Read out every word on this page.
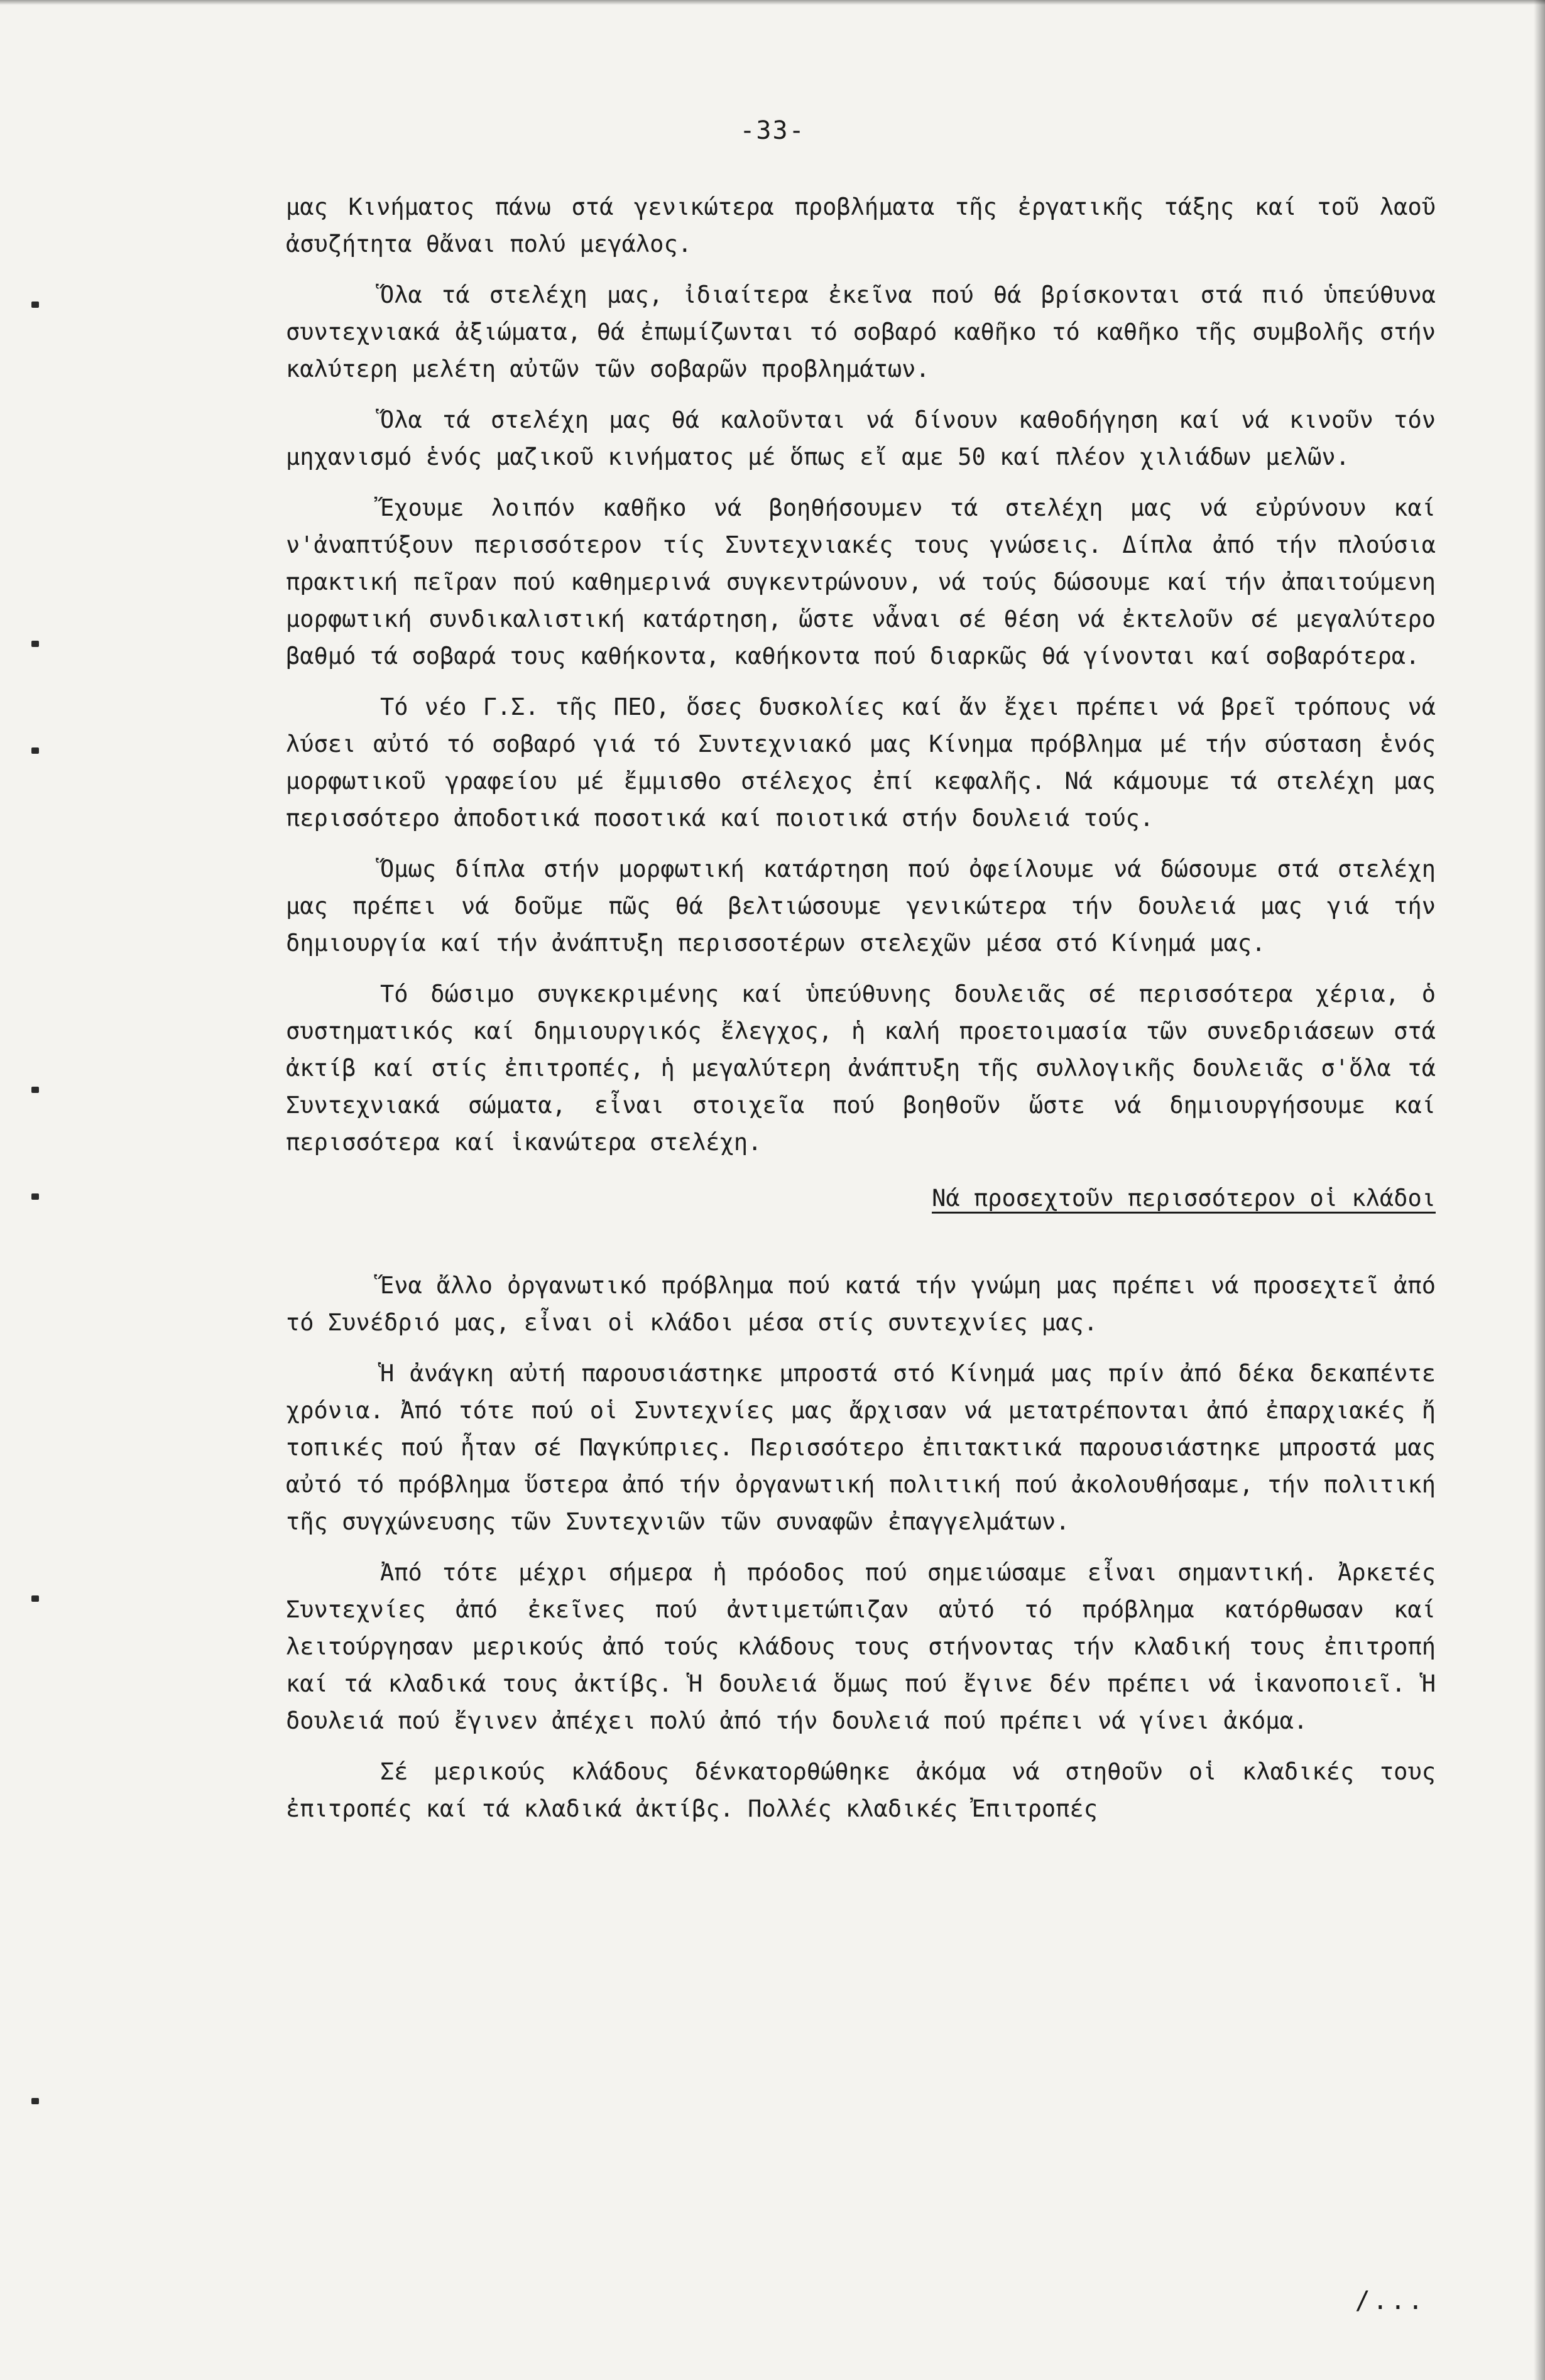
-33-

μας Κινήματος πάνω στά γενικώτερα προβλήματα τῆς ἐργατικῆς τάξης καί τοῦ λαοῦ ἀσυζήτητα θἄναι πολύ μεγάλος.

Ὅλα τά στελέχη μας, ἰδιαίτερα ἐκεῖνα πού θά βρίσκονται στά πιό ὑπεύθυνα συντεχνιακά ἀξιώματα, θά ἐπωμίζωνται τό σοβαρό καθῆκο τό καθῆκο τῆς συμβολῆς στήν καλύτερη μελέτη αὐτῶν τῶν σοβαρῶν προβλημάτων.

Ὅλα τά στελέχη μας θά καλοῦνται νά δίνουν καθοδήγηση καί νά κινοῦν τόν μηχανισμό ἑνός μαζικοῦ κινήματος μέ ὅπως εἴ αμε 50 καί πλέον χιλιάδων μελῶν.

Ἔχουμε λοιπόν καθῆκο νά βοηθήσουμεν τά στελέχη μας νά εὐρύνουν καί ν'ἀναπτύξουν περισσότερον τίς Συντεχνιακές τους γνώσεις. Δίπλα ἀπό τήν πλούσια πρακτική πεῖραν πού καθημερινά συγκεντρώνουν, νά τούς δώσουμε καί τήν ἀπαιτούμενη μορφωτική συνδικαλιστική κατάρτηση, ὥστε νἆναι σέ θέση νά ἐκτελοῦν σέ μεγαλύτερο βαθμό τά σοβαρά τους καθήκοντα, καθήκοντα πού διαρκῶς θά γίνονται καί σοβαρότερα.

Τό νέο Γ.Σ. τῆς ΠΕΟ, ὅσες δυσκολίες καί ἄν ἔχει πρέπει νά βρεῖ τρόπους νά λύσει αὐτό τό σοβαρό γιά τό Συντεχνιακό μας Κίνημα πρόβλημα μέ τήν σύσταση ἑνός μορφωτικοῦ γραφείου μέ ἔμμισθο στέλεχος ἐπί κεφαλῆς. Νά κάμουμε τά στελέχη μας περισσότερο ἀποδοτικά ποσοτικά καί ποιοτικά στήν δουλειά τούς.

Ὅμως δίπλα στήν μορφωτική κατάρτηση πού ὀφείλουμε νά δώσουμε στά στελέχη μας πρέπει νά δοῦμε πῶς θά βελτιώσουμε γενικώτερα τήν δουλειά μας γιά τήν δημιουργία καί τήν ἀνάπτυξη περισσοτέρων στελεχῶν μέσα στό Κίνημά μας.

Τό δώσιμο συγκεκριμένης καί ὑπεύθυνης δουλειᾶς σέ περισσότερα χέρια, ὁ συστηματικός καί δημιουργικός ἔλεγχος, ἡ καλή προετοιμασία τῶν συνεδριάσεων στά ἀκτίβ καί στίς ἐπιτροπές, ἡ μεγαλύτερη ἀνάπτυξη τῆς συλλογικῆς δουλειᾶς σ'ὅλα τά Συντεχνιακά σώματα, εἶναι στοιχεῖα πού βοηθοῦν ὥστε νά δημιουργήσουμε καί περισσότερα καί ἱκανώτερα στελέχη.

Νά προσεχτοῦν περισσότερον οἱ κλάδοι

Ἕνα ἄλλο ὀργανωτικό πρόβλημα πού κατά τήν γνώμη μας πρέπει νά προσεχτεῖ ἀπό τό Συνέδριό μας, εἶναι οἱ κλάδοι μέσα στίς συντεχνίες μας.

Ἡ ἀνάγκη αὐτή παρουσιάστηκε μπροστά στό Κίνημά μας πρίν ἀπό δέκα δεκαπέντε χρόνια. Ἀπό τότε πού οἱ Συντεχνίες μας ἄρχισαν νά μετατρέπονται ἀπό ἐπαρχιακές ἤ τοπικές πού ἦταν σέ Παγκύπριες. Περισσότερο ἐπιτακτικά παρουσιάστηκε μπροστά μας αὐτό τό πρόβλημα ὕστερα ἀπό τήν ὀργανωτική πολιτική πού ἀκολουθήσαμε, τήν πολιτική τῆς συγχώνευσης τῶν Συντεχνιῶν τῶν συναφῶν ἐπαγγελμάτων.

Ἀπό τότε μέχρι σήμερα ἡ πρόοδος πού σημειώσαμε εἶναι σημαντική. Ἀρκετές Συντεχνίες ἀπό ἐκεῖνες πού ἀντιμετώπιζαν αὐτό τό πρόβλημα κατόρθωσαν καί λειτούργησαν μερικούς ἀπό τούς κλάδους τους στήνοντας τήν κλαδική τους ἐπιτροπή καί τά κλαδικά τους ἀκτίβς. Ἡ δουλειά ὅμως πού ἔγινε δέν πρέπει νά ἱκανοποιεῖ. Ἡ δουλειά πού ἔγινεν ἀπέχει πολύ ἀπό τήν δουλειά πού πρέπει νά γίνει ἀκόμα.

Σέ μερικούς κλάδους δένκατορθώθηκε ἀκόμα νά στηθοῦν οἱ κλαδικές τους ἐπιτροπές καί τά κλαδικά ἀκτίβς. Πολλές κλαδικές Ἐπιτροπές

/...
